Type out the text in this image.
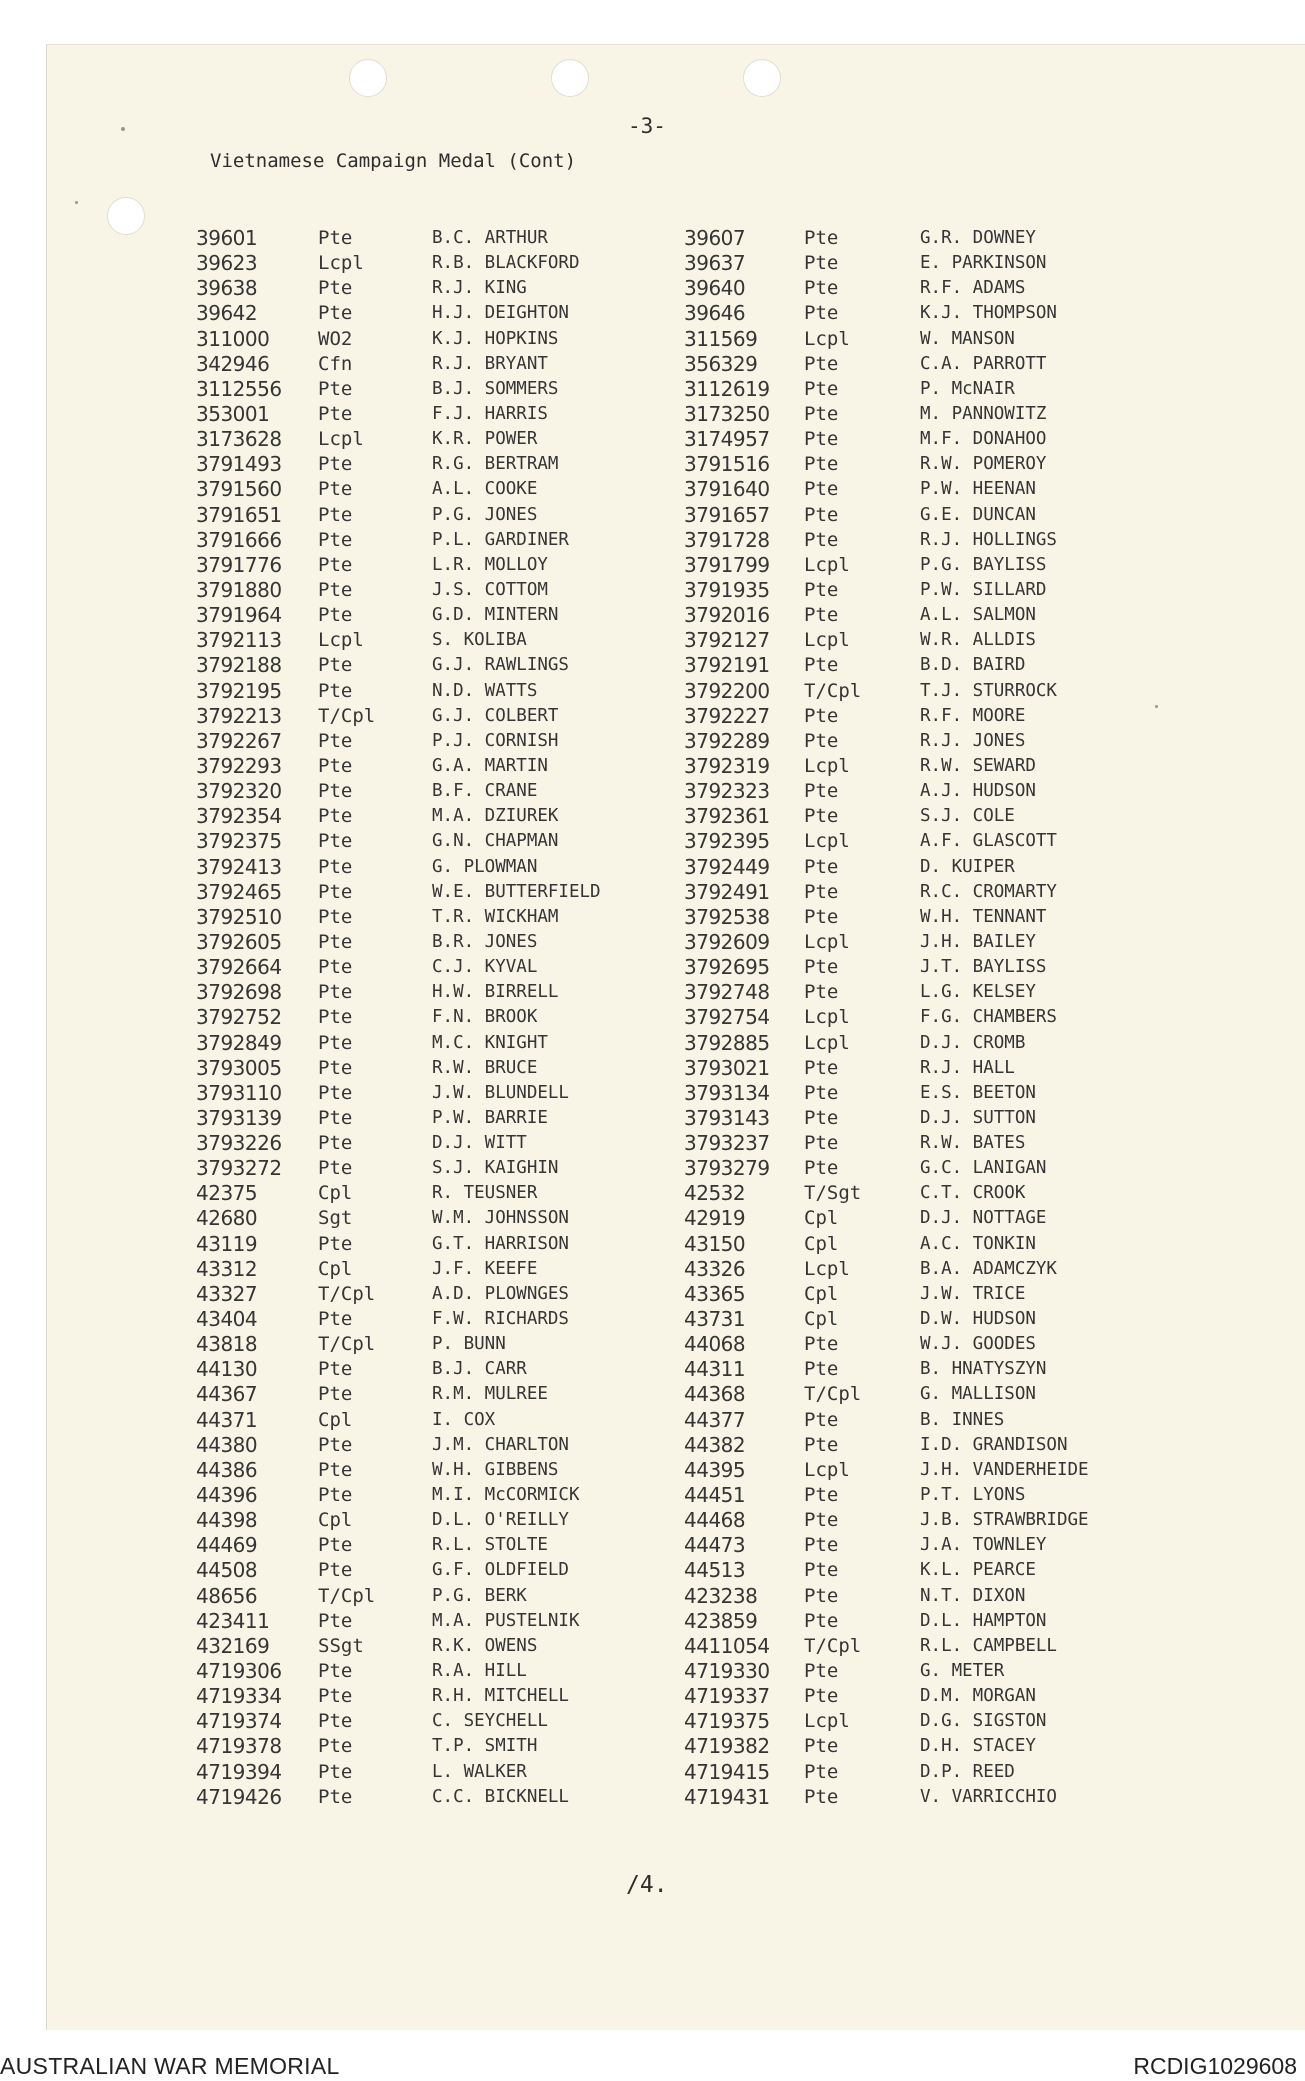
-3-
Vietnamese Campaign Medal (Cont)
39601	Pte	B.C. ARTHUR	39607	Pte	G.R. DOWNEY
39623	Lcpl	R.B. BLACKFORD	39637	Pte	E. PARKINSON
39638	Pte	R.J. KING	39640	Pte	R.F. ADAMS
39642	Pte	H.J. DEIGHTON	39646	Pte	K.J. THOMPSON
311000	WO2	K.J. HOPKINS	311569 Lcpl	W. MANSON
342946	Cfn	R.J. BRYANT	356329 Pte	C.A. PARROTT
3112556 Pte	B.J. SOMMERS	3112619 Pte	P. McNAIR
353001	Pte	F.J. HARRIS	3173250 Pte	M. PANNOWITZ
3173628 Lcpl	K.R. POWER	3174957 Pte	M.F. DONAHOO
3791493 Pte	R.G. BERTRAM	3791516 Pte	R.W. POMEROY
3791560 Pte	A.L. COOKE	3791640 Pte	P.W. HEENAN
3791651 Pte	P.G. JONES	3791657 Pte	G.E. DUNCAN
3791666 Pte	P.L. GARDINER	3791728 Pte	R.J. HOLLINGS
3791776 Pte	L.R. MOLLOY	3791799 Lcpl	P.G. BAYLISS
3791880 Pte	J.S. COTTOM	3791935 Pte	P.W. SILLARD
3791964 Pte	G.D. MINTERN	3792016 Pte	A.L. SALMON
3792113 Lcpl	S. KOLIBA	3792127 Lcpl	W.R. ALLDIS
3792188 Pte	G.J. RAWLINGS	3792191 Pte	B.D. BAIRD
3792195 Pte	N.D. WATTS	3792200 T/Cpl	T.J. STURROCK
3792213 T/Cpl	G.J. COLBERT	3792227 Pte	R.F. MOORE
3792267 Pte	P.J. CORNISH	3792289 Pte	R.J. JONES
3792293 Pte	G.A. MARTIN	3792319 Lcpl	R.W. SEWARD
3792320 Pte	B.F. CRANE	3792323 Pte	A.J. HUDSON
3792354 Pte	M.A. DZIUREK	3792361 Pte	S.J. COLE
3792375 Pte	G.N. CHAPMAN	3792395 Lcpl	A.F. GLASCOTT
3792413 Pte	G. PLOWMAN	3792449 Pte	D. KUIPER
3792465 Pte	W.E. BUTTERFIELD	3792491 Pte	R.C. CROMARTY
3792510 Pte	T.R. WICKHAM	3792538 Pte	W.H. TENNANT
3792605 Pte	B.R. JONES	3792609 Lcpl	J.H. BAILEY
3792664 Pte	C.J. KYVAL	3792695 Pte	J.T. BAYLISS
3792698 Pte	H.W. BIRRELL	3792748 Pte	L.G. KELSEY
3792752 Pte	F.N. BROOK	3792754 Lcpl	F.G. CHAMBERS
3792849 Pte	M.C. KNIGHT	3792885 Lcpl	D.J. CROMB
3793005 Pte	R.W. BRUCE	3793021 Pte	R.J. HALL
3793110 Pte	J.W. BLUNDELL	3793134 Pte	E.S. BEETON
3793139 Pte	P.W. BARRIE	3793143 Pte	D.J. SUTTON
3793226 Pte	D.J. WITT	3793237 Pte	R.W. BATES
3793272 Pte	S.J. KAIGHIN	3793279 Pte	G.C. LANIGAN
42375	Cpl	R. TEUSNER	42532	T/Sgt	C.T. CROOK
42680	Sgt	W.M. JOHNSSON	42919	Cpl	D.J. NOTTAGE
43119	Pte	G.T. HARRISON	43150	Cpl	A.C. TONKIN
43312	Cpl	J.F. KEEFE	43326	Lcpl	B.A. ADAMCZYK
43327	T/Cpl	A.D. PLOWNGES	43365	Cpl	J.W. TRICE
43404	Pte	F.W. RICHARDS	43731	Cpl	D.W. HUDSON
43818	T/Cpl	P. BUNN	44068	Pte	W.J. GOODES
44130	Pte	B.J. CARR	44311	Pte	B. HNATYSZYN
44367	Pte	R.M. MULREE	44368	T/Cpl	G. MALLISON
44371	Cpl	I. COX	44377	Pte	B. INNES
44380	Pte	J.M. CHARLTON	44382	Pte	I.D. GRANDISON
44386	Pte	W.H. GIBBENS	44395	Lcpl	J.H. VANDERHEIDE
44396	Pte	M.I. McCORMICK	44451	Pte	P.T. LYONS
44398	Cpl	D.L. O'REILLY	44468	Pte	J.B. STRAWBRIDGE
44469	Pte	R.L. STOLTE	44473	Pte	J.A. TOWNLEY
44508	Pte	G.F. OLDFIELD	44513	Pte	K.L. PEARCE
48656	T/Cpl	P.G. BERK	423238 Pte	N.T. DIXON
423411	Pte	M.A. PUSTELNIK	423859 Pte	D.L. HAMPTON
432169	SSgt	R.K. OWENS	4411054 T/Cpl	R.L. CAMPBELL
4719306 Pte	R.A. HILL	4719330 Pte	G. METER
4719334 Pte	R.H. MITCHELL	4719337 Pte	D.M. MORGAN
4719374 Pte	C. SEYCHELL	4719375 Lcpl	D.G. SIGSTON
4719378 Pte	T.P. SMITH	4719382 Pte	D.H. STACEY
4719394 Pte	L. WALKER	4719415 Pte	D.P. REED
4719426 Pte	C.C. BICKNELL	4719431 Pte	V. VARRICCHIO
/4.
AUSTRALIAN WAR MEMORIAL	RCDIG1029608
